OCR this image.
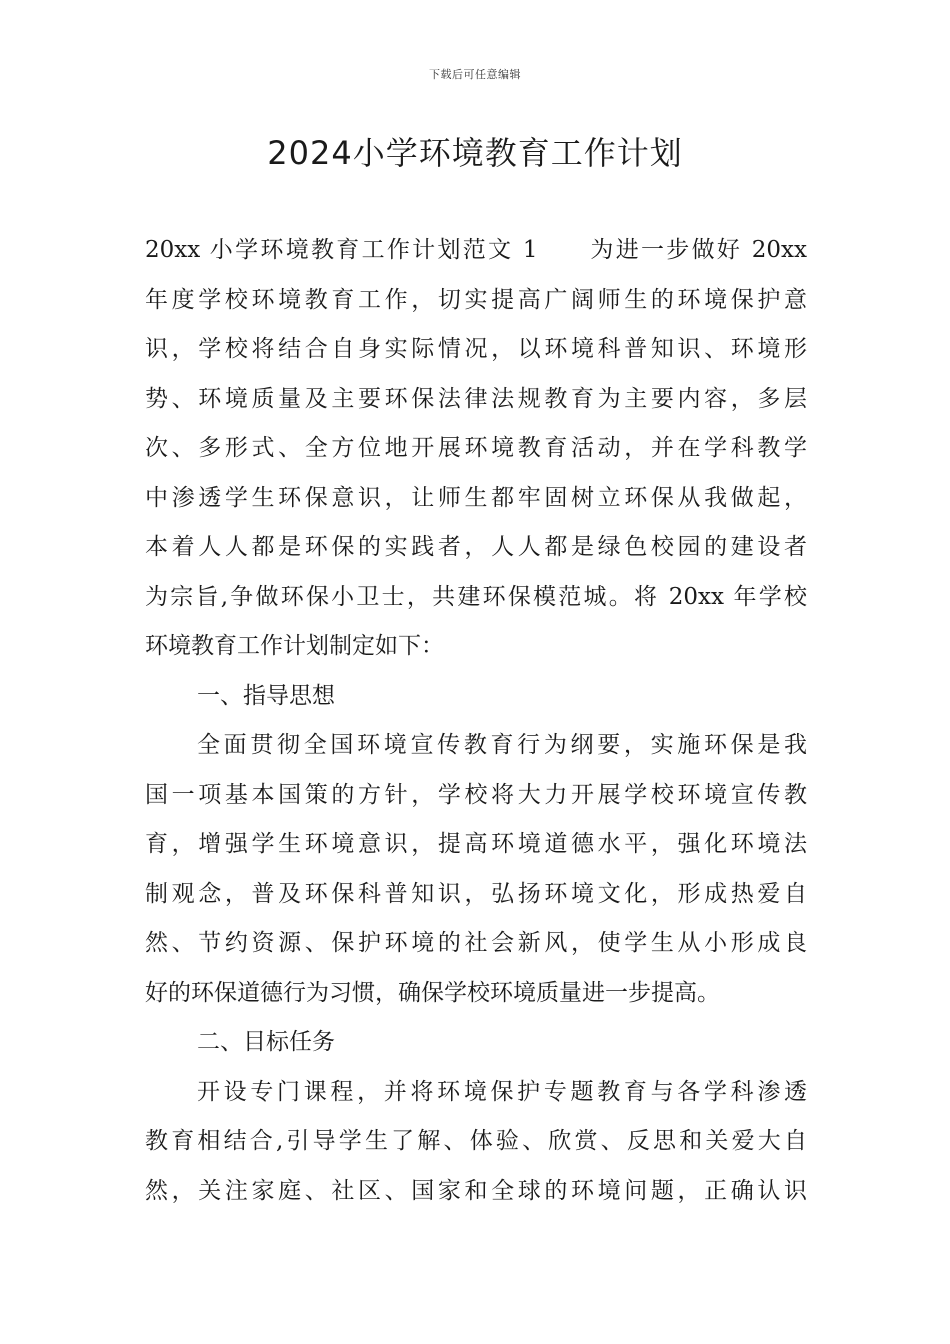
下载后可任意编辑
2024小学环境教育工作计划
20xx 小学环境教育工作计划范文 1　　为进一步做好 20xx
年度学校环境教育工作，切实提高广阔师生的环境保护意
识，学校将结合自身实际情况，以环境科普知识、环境形
势、环境质量及主要环保法律法规教育为主要内容，多层
次、多形式、全方位地开展环境教育活动，并在学科教学
中渗透学生环保意识，让师生都牢固树立环保从我做起，
本着人人都是环保的实践者，人人都是绿色校园的建设者
为宗旨,争做环保小卫士，共建环保模范城。将 20xx 年学校
环境教育工作计划制定如下：
一、指导思想
全面贯彻全国环境宣传教育行为纲要，实施环保是我
国一项基本国策的方针，学校将大力开展学校环境宣传教
育，增强学生环境意识，提高环境道德水平，强化环境法
制观念，普及环保科普知识，弘扬环境文化，形成热爱自
然、节约资源、保护环境的社会新风，使学生从小形成良
好的环保道德行为习惯，确保学校环境质量进一步提高。
二、目标任务
开设专门课程，并将环境保护专题教育与各学科渗透
教育相结合,引导学生了解、体验、欣赏、反思和关爱大自
然，关注家庭、社区、国家和全球的环境问题，正确认识
